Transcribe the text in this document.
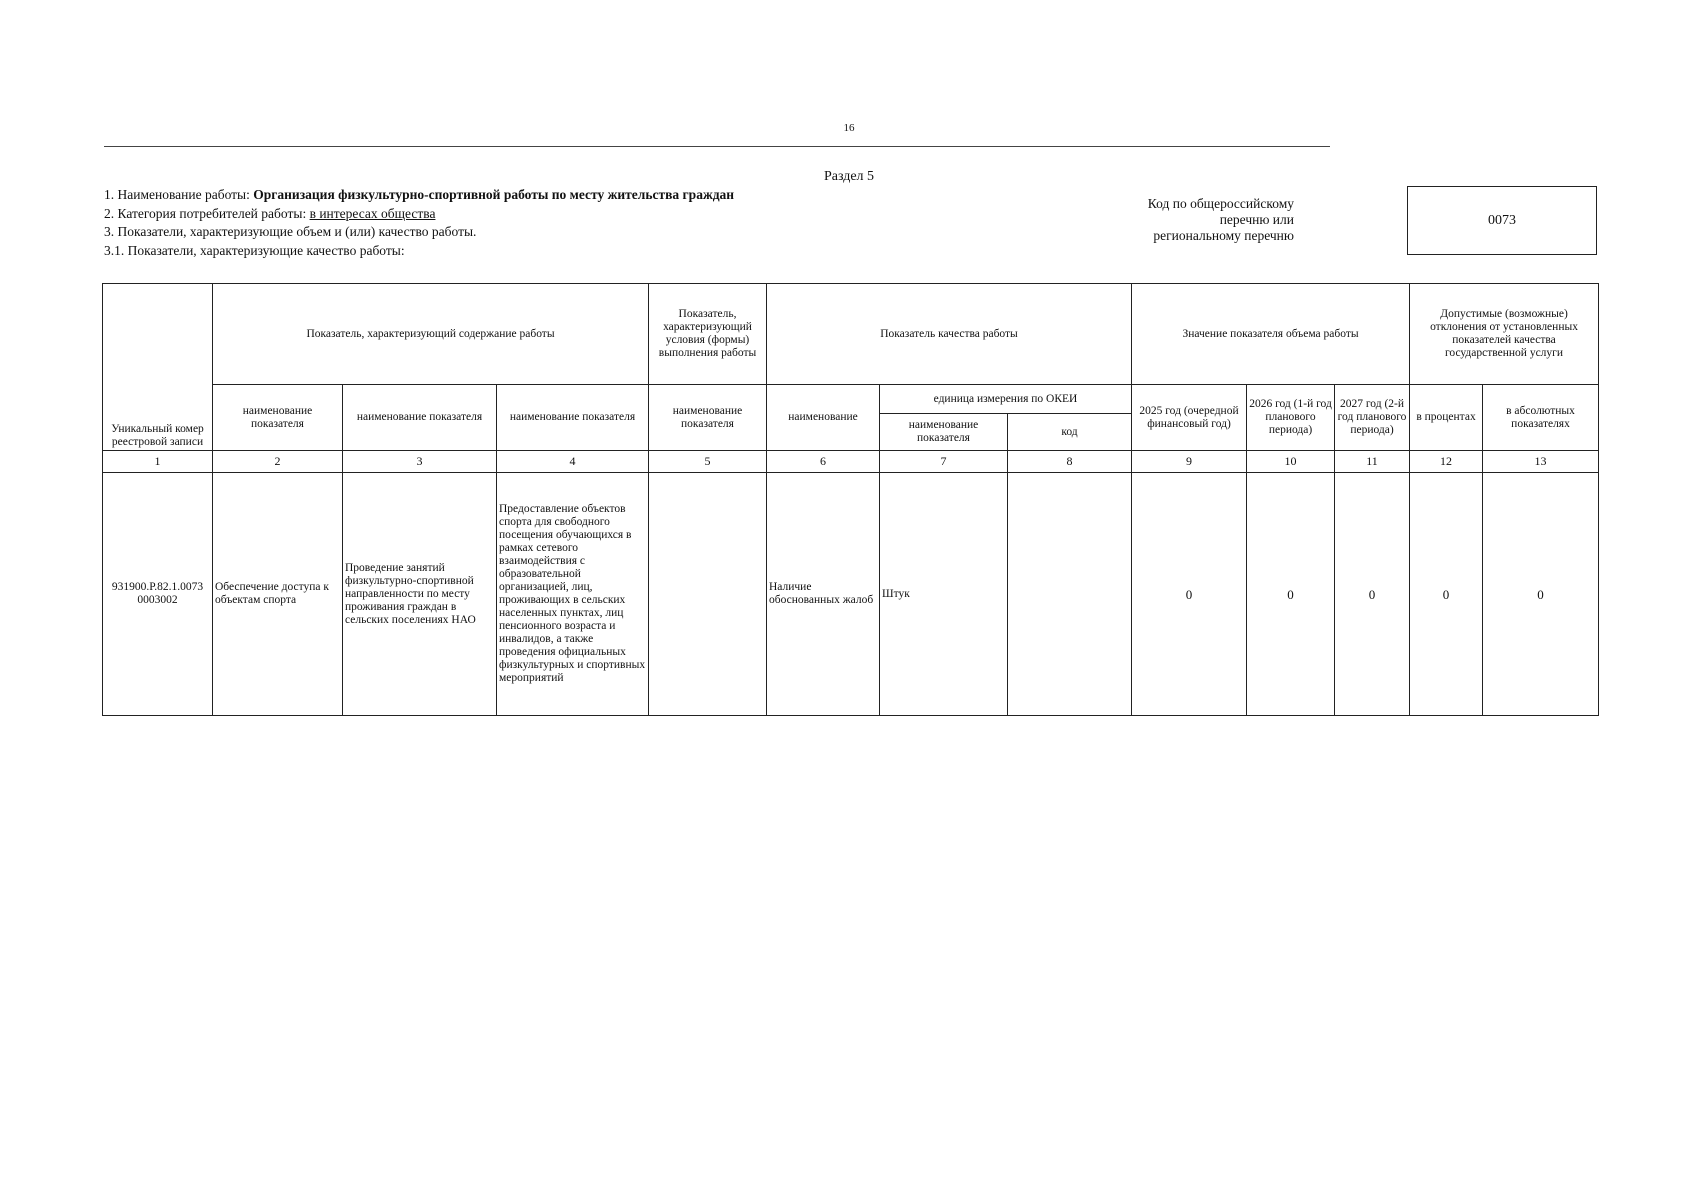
16
Раздел 5
1. Наименование работы: Организация физкультурно-спортивной работы по месту жительства граждан
2. Категория потребителей работы: в интересах общества
3. Показатели, характеризующие объем и (или) качество работы.
3.1. Показатели, характеризующие качество работы:
Код по общероссийскому
перечню или
региональному перечню
0073
Уникальный комер реестровой записи	Показатель, характеризующий содержание работы			Показатель, характеризующий условия (формы) выполнения работы	Показатель качества работы			Значение показателя объема работы			Допустимые (возможные) отклонения от установленных показателей качества государственной услуги	
	наименование показателя	наименование показателя	наименование показателя	наименование показателя	наименование	единица измерения по ОКЕИ		2025 год (очередной финансовый год)	2026 год (1-й год планового периода)	2027 год (2-й год планового периода)	в процентах	в абсолютных показателях
						наименование показателя	код					
1	2	3	4	5	6	7	8	9	10	11	12	13
931900.Р.82.1.0073 0003002	Обеспечение доступа к объектам спорта	Проведение занятий физкультурно-спортивной направленности по месту проживания граждан в сельских поселениях НАО	Предоставление объектов спорта для свободного посещения обучающихся в рамках сетевого взаимодействия с образовательной организацией, лиц, проживающих в сельских населенных пунктах, лиц пенсионного возраста и инвалидов, а также проведения официальных физкультурных и спортивных мероприятий		Наличие обоснованных жалоб	Штук		0	0	0	0	0
